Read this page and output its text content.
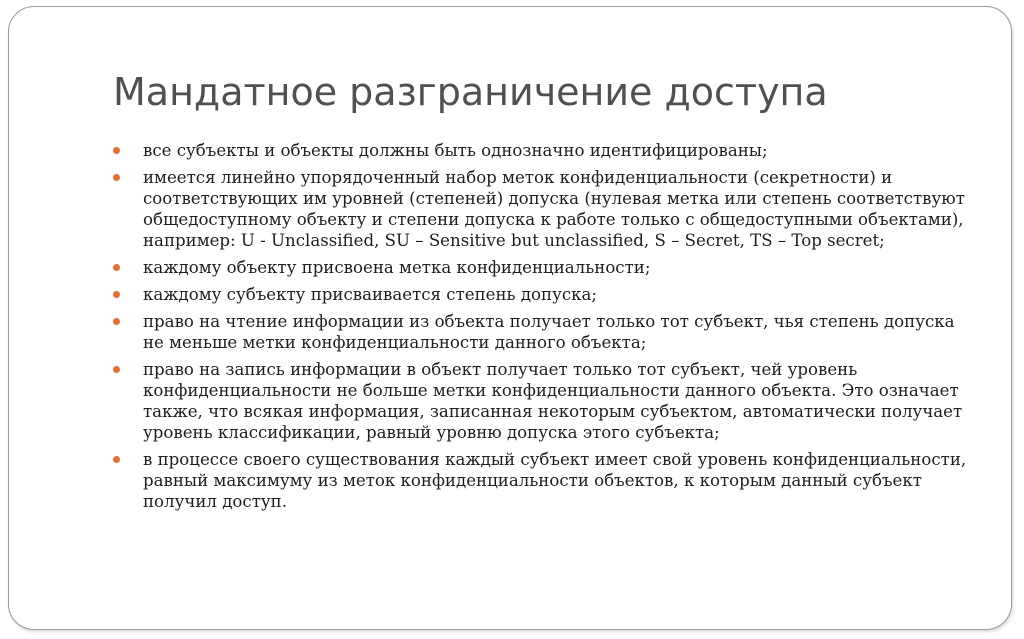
Мандатное разграничение доступа
все субъекты и объекты должны быть однозначно идентифицированы;
имеется линейно упорядоченный набор меток конфиденциальности (секретности) и соответствующих им уровней (степеней) допуска (нулевая метка или степень соответствуют общедоступному объекту и степени допуска к работе только с общедоступными объектами), например: U - Unclassified, SU – Sensitive but unclassified, S – Secret, TS – Top secret;
каждому объекту присвоена метка конфиденциальности;
каждому субъекту присваивается степень допуска;
право на чтение информации из объекта получает только тот субъект, чья степень допуска не меньше метки конфиденциальности данного объекта;
право на запись информации в объект получает только тот субъект, чей уровень конфиденциальности не больше метки конфиденциальности данного объекта. Это означает также, что всякая информация, записанная некоторым субъектом, автоматически получает уровень классификации, равный уровню допуска этого субъекта;
в процессе своего существования каждый субъект имеет свой уровень конфиденциальности, равный максимуму из меток конфиденциальности объектов, к которым данный субъект получил доступ.
